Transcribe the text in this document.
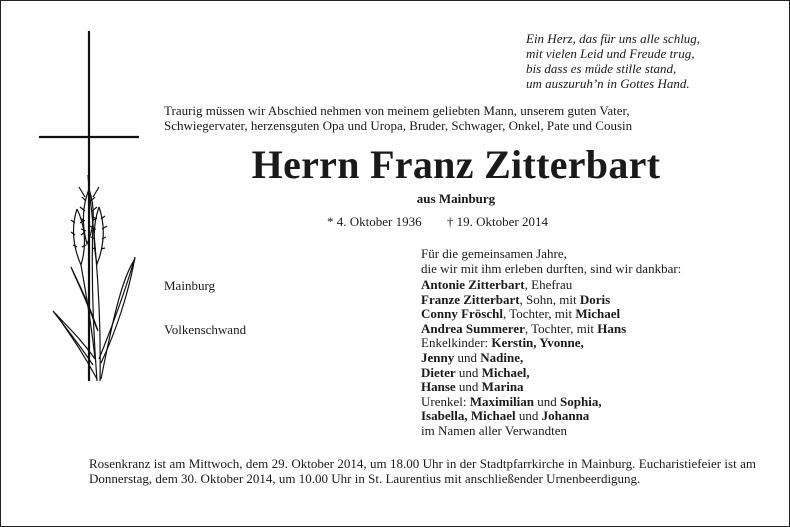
Ein Herz, das für uns alle schlug,
mit vielen Leid und Freude trug,
bis dass es müde stille stand,
um auszuruh’n in Gottes Hand.
Traurig müssen wir Abschied nehmen von meinem geliebten Mann, unserem guten Vater,
Schwiegervater, herzensguten Opa und Uropa, Bruder, Schwager, Onkel, Pate und Cousin
Herrn Franz Zitterbart
aus Mainburg
* 4. Oktober 1936 † 19. Oktober 2014
Für die gemeinsamen Jahre,
die wir mit ihm erleben durften, sind wir dankbar:
Mainburg
Volkenschwand
Antonie Zitterbart, Ehefrau
Franze Zitterbart, Sohn, mit Doris
Conny Fröschl, Tochter, mit Michael
Andrea Summerer, Tochter, mit Hans
Enkelkinder: Kerstin, Yvonne,
Jenny und Nadine,
Dieter und Michael,
Hanse und Marina
Urenkel: Maximilian und Sophia,
Isabella, Michael und Johanna
im Namen aller Verwandten
Rosenkranz ist am Mittwoch, dem 29. Oktober 2014, um 18.00 Uhr in der Stadtpfarrkirche in Mainburg. Eucharistiefeier ist am Donnerstag, dem 30. Oktober 2014, um 10.00 Uhr in St. Laurentius mit anschließender Urnenbeerdigung.
